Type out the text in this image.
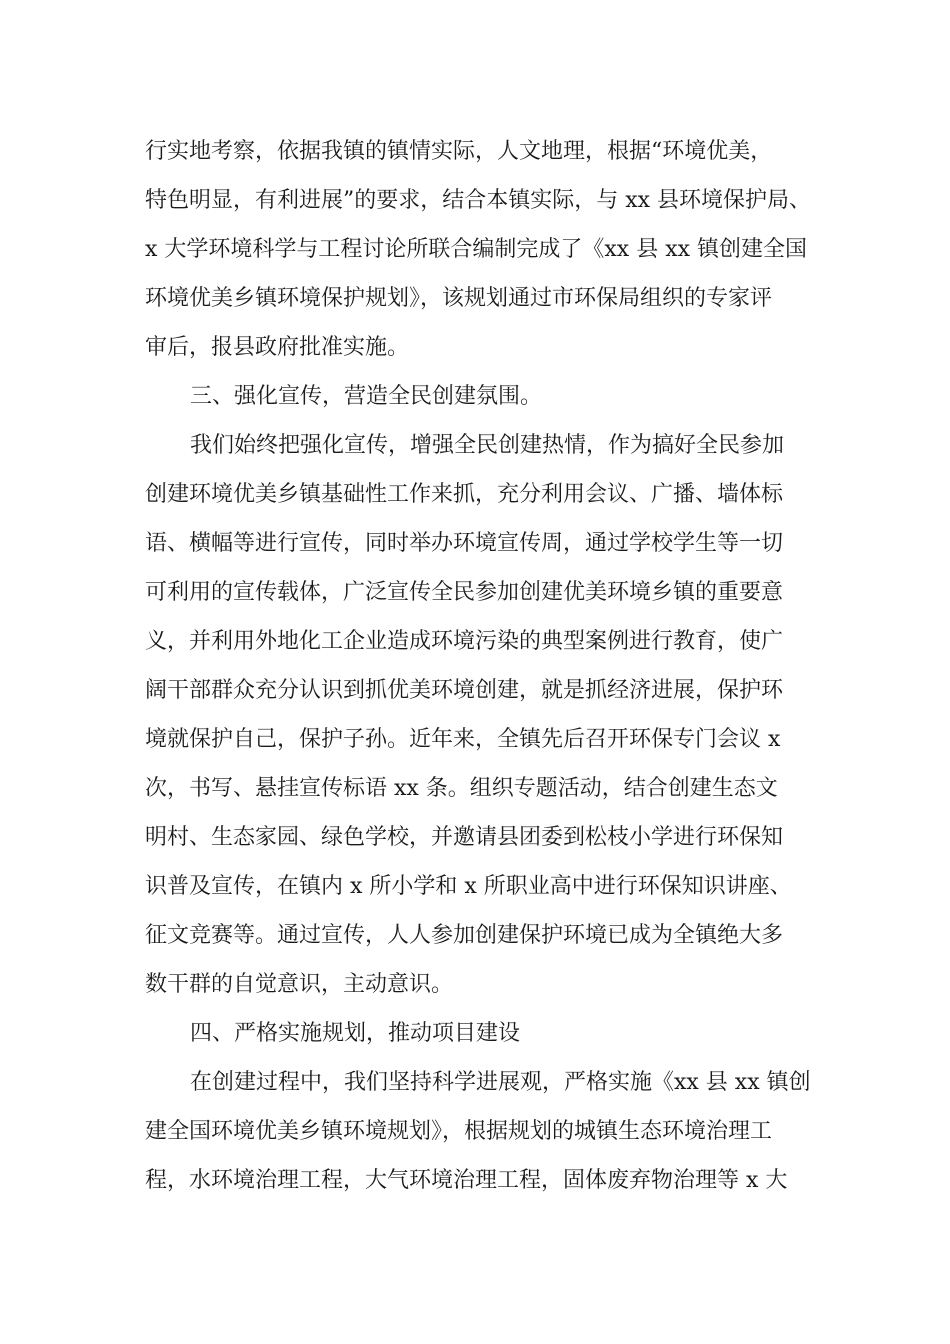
行实地考察，依据我镇的镇情实际，人文地理，根据“环境优美，
特色明显，有利进展”的要求，结合本镇实际，与 xx 县环境保护局、
x 大学环境科学与工程讨论所联合编制完成了《xx 县 xx 镇创建全国
环境优美乡镇环境保护规划》，该规划通过市环保局组织的专家评
审后，报县政府批准实施。
三、强化宣传，营造全民创建氛围。
我们始终把强化宣传，增强全民创建热情，作为搞好全民参加
创建环境优美乡镇基础性工作来抓，充分利用会议、广播、墙体标
语、横幅等进行宣传，同时举办环境宣传周，通过学校学生等一切
可利用的宣传载体，广泛宣传全民参加创建优美环境乡镇的重要意
义，并利用外地化工企业造成环境污染的典型案例进行教育，使广
阔干部群众充分认识到抓优美环境创建，就是抓经济进展，保护环
境就保护自己，保护子孙。近年来，全镇先后召开环保专门会议 x
次，书写、悬挂宣传标语 xx 条。组织专题活动，结合创建生态文
明村、生态家园、绿色学校，并邀请县团委到松枝小学进行环保知
识普及宣传，在镇内 x 所小学和 x 所职业高中进行环保知识讲座、
征文竞赛等。通过宣传，人人参加创建保护环境已成为全镇绝大多
数干群的自觉意识，主动意识。
四、严格实施规划，推动项目建设
在创建过程中，我们坚持科学进展观，严格实施《xx 县 xx 镇创
建全国环境优美乡镇环境规划》，根据规划的城镇生态环境治理工
程，水环境治理工程，大气环境治理工程，固体废弃物治理等 x 大
